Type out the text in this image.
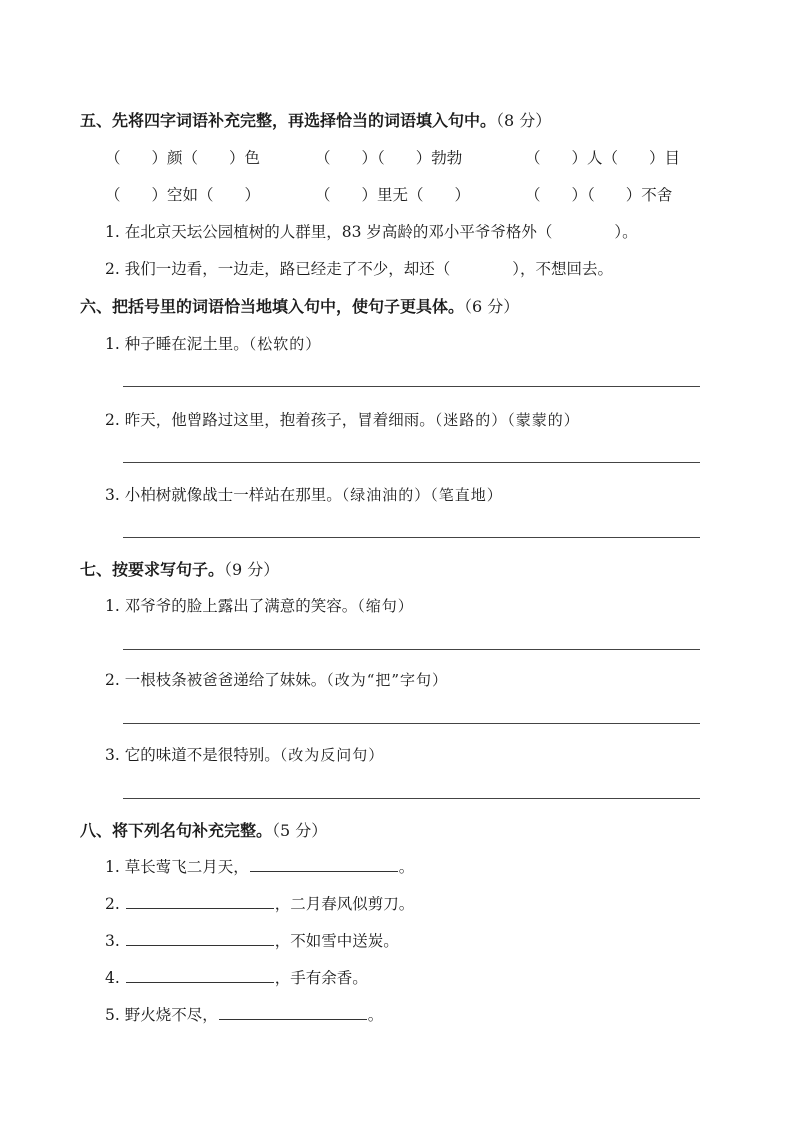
五、先将四字词语补充完整，再选择恰当的词语填入句中。（8 分）
（　　）颜（　　）色	（　　）（　　）勃勃	（　　）人（　　）目
（　　）空如（　　）	（　　）里无（　　）	（　　）（　　）不舍
1. 在北京天坛公园植树的人群里，83 岁高龄的邓小平爷爷格外（　　　　）。
2. 我们一边看，一边走，路已经走了不少，却还（　　　　），不想回去。
六、把括号里的词语恰当地填入句中，使句子更具体。（6 分）
1. 种子睡在泥土里。（松软的）
2. 昨天，他曾路过这里，抱着孩子，冒着细雨。（迷路的）（蒙蒙的）
3. 小柏树就像战士一样站在那里。（绿油油的）（笔直地）
七、按要求写句子。（9 分）
1. 邓爷爷的脸上露出了满意的笑容。（缩句）
2. 一根枝条被爸爸递给了妹妹。（改为“把”字句）
3. 它的味道不是很特别。（改为反问句）
八、将下列名句补充完整。（5 分）
1. 草长莺飞二月天，	。
2.	，二月春风似剪刀。
3.	，不如雪中送炭。
4.	，手有余香。
5. 野火烧不尽，	。
